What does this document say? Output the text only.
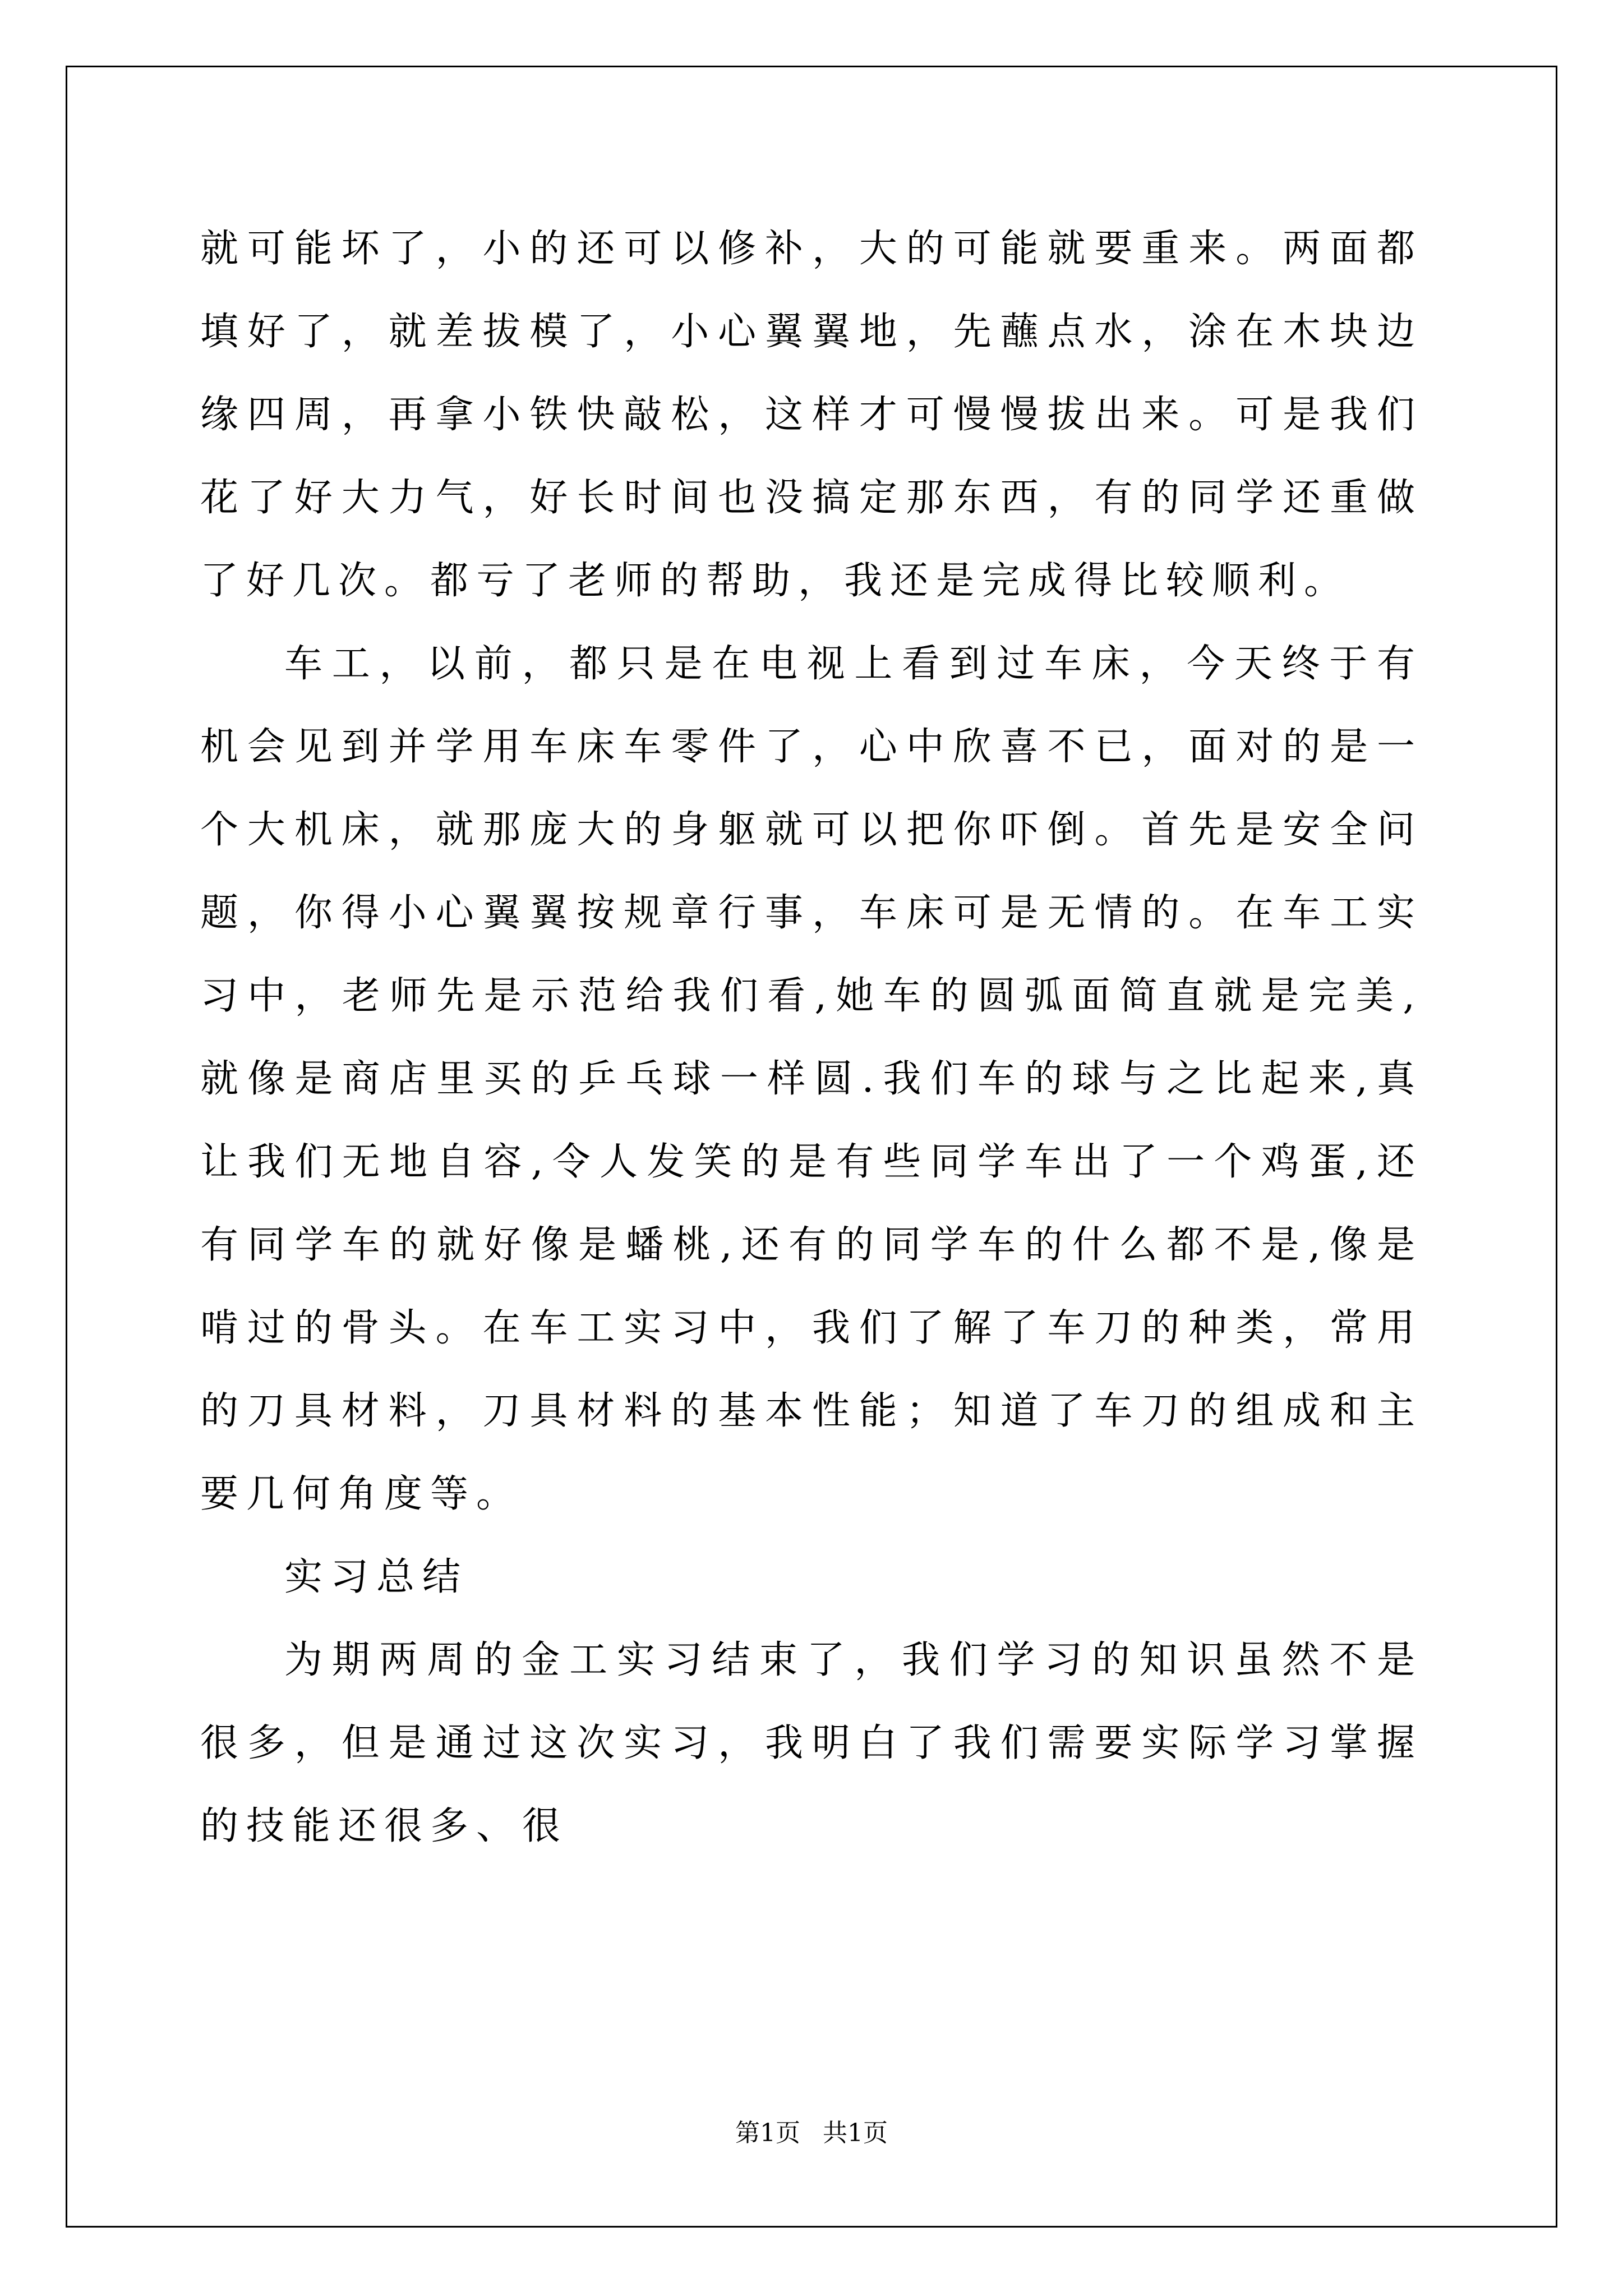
就可能坏了，小的还可以修补，大的可能就要重来。两面都填好了，就差拔模了，小心翼翼地，先蘸点水，涂在木块边缘四周，再拿小铁快敲松，这样才可慢慢拔出来。可是我们花了好大力气，好长时间也没搞定那东西，有的同学还重做了好几次。都亏了老师的帮助，我还是完成得比较顺利。

车工，以前，都只是在电视上看到过车床，今天终于有机会见到并学用车床车零件了，心中欣喜不已，面对的是一个大机床，就那庞大的身躯就可以把你吓倒。首先是安全问题，你得小心翼翼按规章行事，车床可是无情的。在车工实习中，老师先是示范给我们看,她车的圆弧面简直就是完美,就像是商店里买的乒乓球一样圆.我们车的球与之比起来,真让我们无地自容,令人发笑的是有些同学车出了一个鸡蛋,还有同学车的就好像是蟠桃,还有的同学车的什么都不是,像是啃过的骨头。在车工实习中，我们了解了车刀的种类，常用的刀具材料，刀具材料的基本性能；知道了车刀的组成和主要几何角度等。

实习总结

为期两周的金工实习结束了，我们学习的知识虽然不是很多，但是通过这次实习，我明白了我们需要实际学习掌握的技能还很多、很

第1页 共1页
